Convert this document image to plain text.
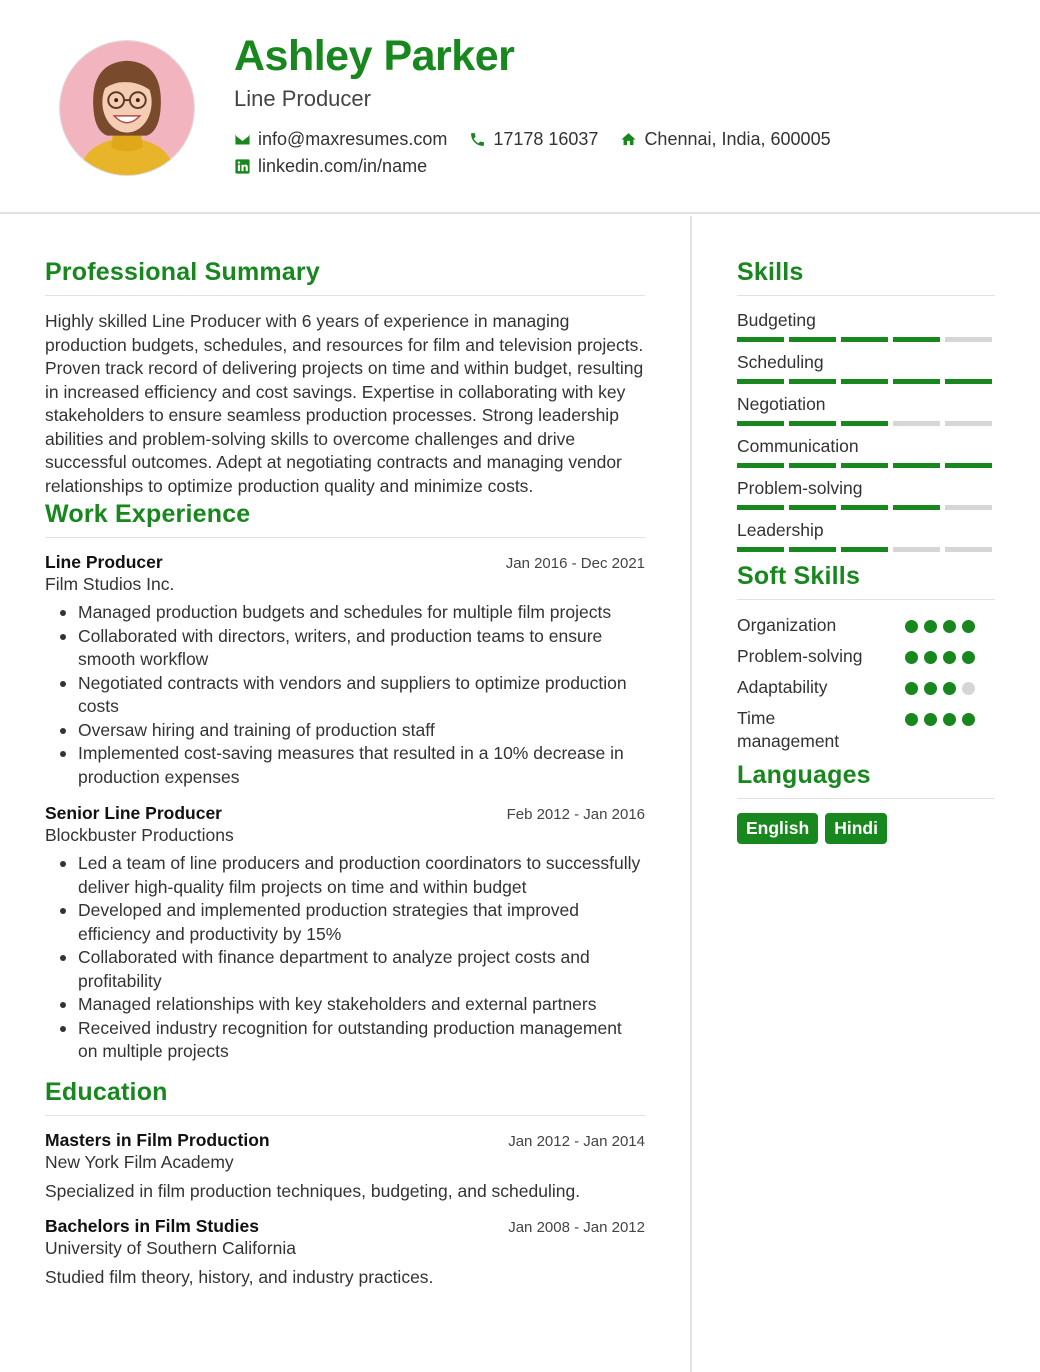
Ashley Parker
Line Producer
info@maxresumes.com	17178 16037	Chennai, India, 600005
linkedin.com/in/name
Professional Summary
Highly skilled Line Producer with 6 years of experience in managing production budgets, schedules, and resources for film and television projects. Proven track record of delivering projects on time and within budget, resulting in increased efficiency and cost savings. Expertise in collaborating with key stakeholders to ensure seamless production processes. Strong leadership abilities and problem-solving skills to overcome challenges and drive successful outcomes. Adept at negotiating contracts and managing vendor relationships to optimize production quality and minimize costs.
Work Experience
Line Producer	Jan 2016 - Dec 2021
Film Studios Inc.
Managed production budgets and schedules for multiple film projects
Collaborated with directors, writers, and production teams to ensure smooth workflow
Negotiated contracts with vendors and suppliers to optimize production costs
Oversaw hiring and training of production staff
Implemented cost-saving measures that resulted in a 10% decrease in production expenses
Senior Line Producer	Feb 2012 - Jan 2016
Blockbuster Productions
Led a team of line producers and production coordinators to successfully deliver high-quality film projects on time and within budget
Developed and implemented production strategies that improved efficiency and productivity by 15%
Collaborated with finance department to analyze project costs and profitability
Managed relationships with key stakeholders and external partners
Received industry recognition for outstanding production management on multiple projects
Education
Masters in Film Production	Jan 2012 - Jan 2014
New York Film Academy
Specialized in film production techniques, budgeting, and scheduling.
Bachelors in Film Studies	Jan 2008 - Jan 2012
University of Southern California
Studied film theory, history, and industry practices.
Skills
Budgeting
Scheduling
Negotiation
Communication
Problem-solving
Leadership
Soft Skills
Organization
Problem-solving
Adaptability
Time management
Languages
English	Hindi
